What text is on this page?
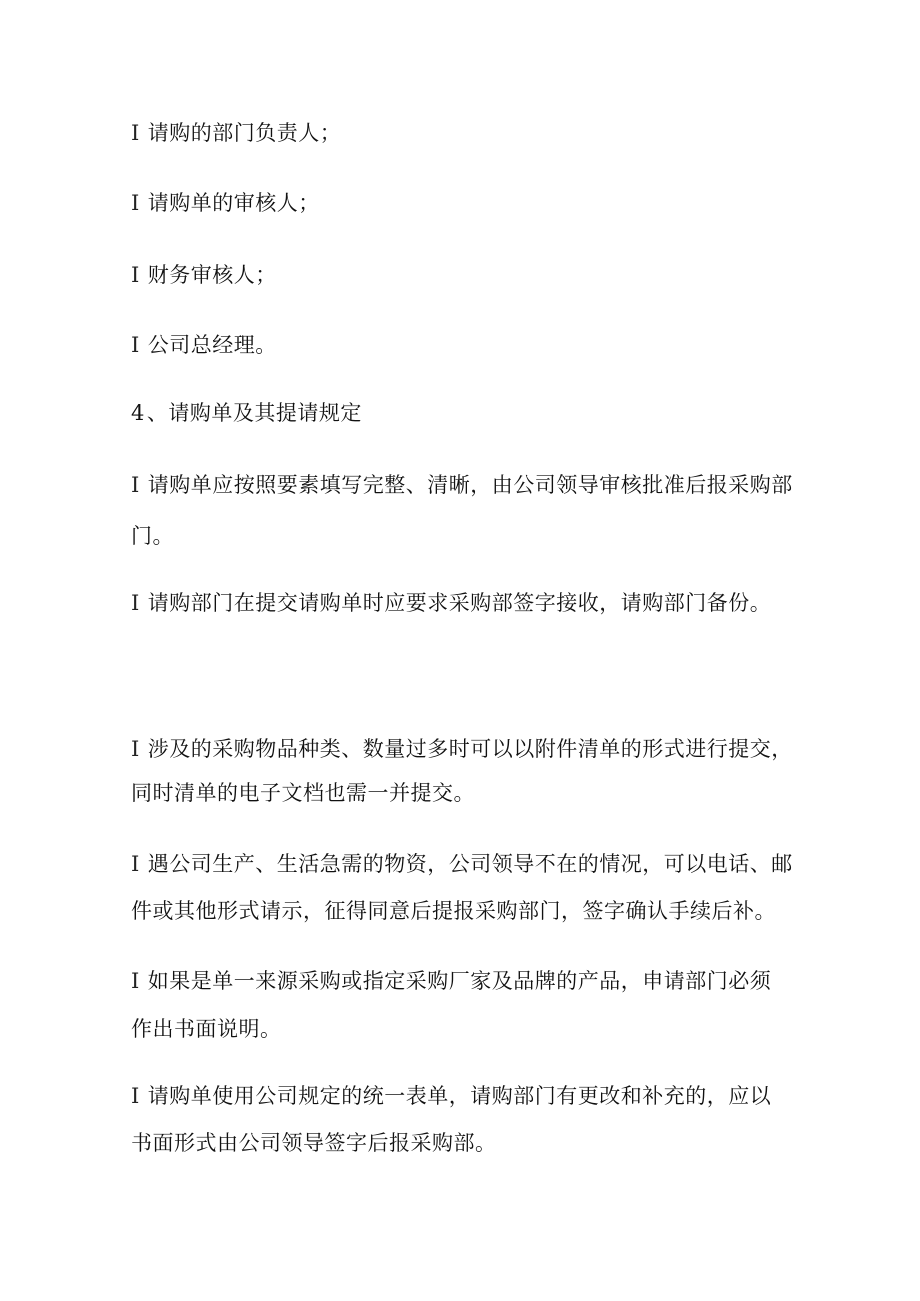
I 请购的部门负责人；

I 请购单的审核人；

I 财务审核人；

I 公司总经理。

4、请购单及其提请规定

I 请购单应按照要素填写完整、清晰，由公司领导审核批准后报采购部

门。

I 请购部门在提交请购单时应要求采购部签字接收，请购部门备份。

I 涉及的采购物品种类、数量过多时可以以附件清单的形式进行提交，

同时清单的电子文档也需一并提交。

I 遇公司生产、生活急需的物资，公司领导不在的情况，可以电话、邮

件或其他形式请示，征得同意后提报采购部门，签字确认手续后补。

I 如果是单一来源采购或指定采购厂家及品牌的产品，申请部门必须

作出书面说明。

I 请购单使用公司规定的统一表单，请购部门有更改和补充的，应以

书面形式由公司领导签字后报采购部。
